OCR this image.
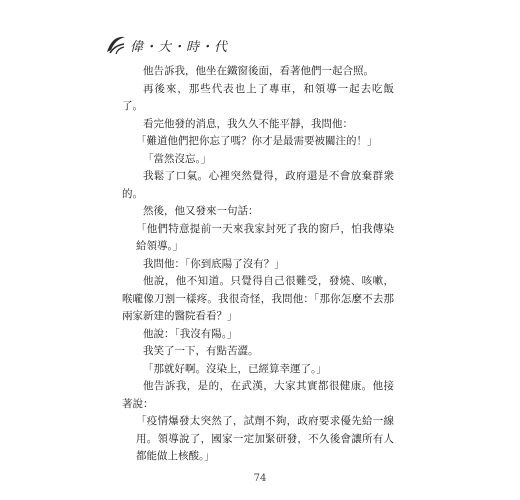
偉・大・時・代

他告訴我，他坐在鐵窗後面，看著他們一起合照。

再後來，那些代表也上了專車，和領導一起去吃飯了。

看完他發的消息，我久久不能平靜，我問他：

「難道他們把你忘了嗎？你才是最需要被關注的！」

「當然沒忘。」

我鬆了口氣。心裡突然覺得，政府還是不會放棄群衆的。

然後，他又發來一句話：

「他們特意提前一天來我家封死了我的窗戶，怕我傳染給領導。」

我問他：「你到底陽了沒有？」

他說，他不知道。只覺得自己很難受，發燒、咳嗽，喉嚨像刀割一樣疼。我很奇怪，我問他：「那你怎麼不去那兩家新建的醫院看看？」

他說：「我沒有陽。」

我笑了一下，有點苦澀。

「那就好啊。沒染上，已經算幸運了。」

他告訴我，是的，在武漢，大家其實都很健康。他接著說：

「疫情爆發太突然了，試劑不夠，政府要求優先給一線用。領導說了，國家一定加緊研發，不久後會讓所有人都能做上核酸。」

74
